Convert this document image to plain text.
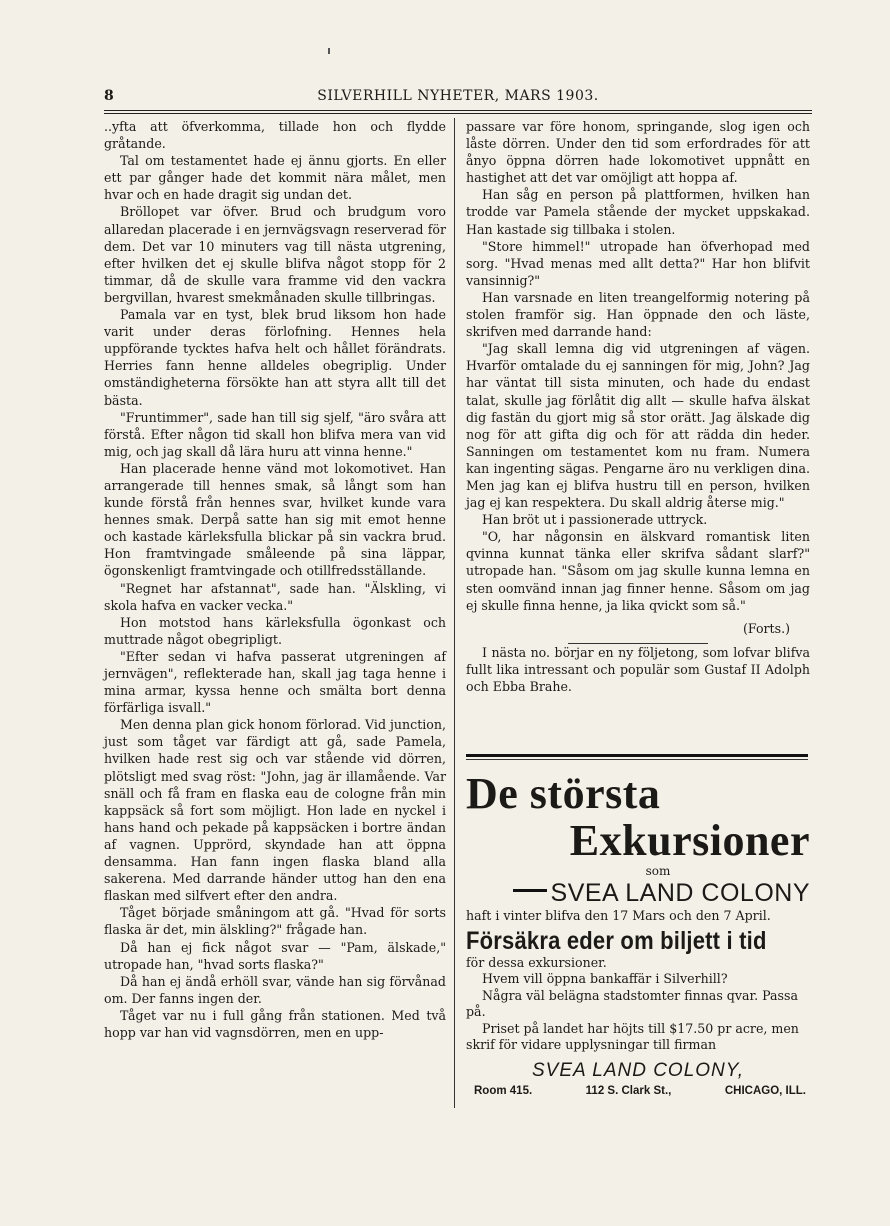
8	SILVERHILL NYHETER, MARS 1903.

..yfta att öfverkomma, tillade hon och flydde gråtande.

Tal om testamentet hade ej ännu gjorts. En eller ett par gånger hade det kommit nära målet, men hvar och en hade dragit sig undan det.

Bröllopet var öfver. Brud och brudgum voro allaredan placerade i en jernvägsvagn reserverad för dem. Det var 10 minuters vag till nästa utgrening, efter hvilken det ej skulle blifva något stopp för 2 timmar, då de skulle vara framme vid den vackra bergvillan, hvarest smekmånaden skulle tillbringas.

Pamala var en tyst, blek brud liksom hon hade varit under deras förlofning. Hennes hela uppförande tycktes hafva helt och hållet förändrats. Herries fann henne alldeles obegriplig. Under omständigheterna försökte han att styra allt till det bästa.

"Fruntimmer", sade han till sig sjelf, "äro svåra att förstå. Efter någon tid skall hon blifva mera van vid mig, och jag skall då lära huru att vinna henne."

Han placerade henne vänd mot lokomotivet. Han arrangerade till hennes smak, så långt som han kunde förstå från hennes svar, hvilket kunde vara hennes smak. Derpå satte han sig mit emot henne och kastade kärleksfulla blickar på sin vackra brud. Hon framtvingade småleende på sina läppar, ögonskenligt framtvingade och otillfredsställande.

"Regnet har afstannat", sade han. "Älskling, vi skola hafva en vacker vecka."

Hon motstod hans kärleksfulla ögonkast och muttrade något obegripligt.

"Efter sedan vi hafva passerat utgreningen af jernvägen", reflekterade han, skall jag taga henne i mina armar, kyssa henne och smälta bort denna förfärliga isvall."

Men denna plan gick honom förlorad. Vid junction, just som tåget var färdigt att gå, sade Pamela, hvilken hade rest sig och var stående vid dörren, plötsligt med svag röst: "John, jag är illamående. Var snäll och få fram en flaska eau de cologne från min kappsäck så fort som möjligt. Hon lade en nyckel i hans hand och pekade på kappsäcken i bortre ändan af vagnen. Upprörd, skyndade han att öppna densamma. Han fann ingen flaska bland alla sakerena. Med darrande händer uttog han den ena flaskan med silfvert efter den andra.

Tåget började småningom att gå. "Hvad för sorts flaska är det, min älskling?" frågade han.

Då han ej fick något svar — "Pam, älskade," utropade han, "hvad sorts flaska?"

Då han ej ändå erhöll svar, vände han sig förvånad om. Der fanns ingen der.

Tåget var nu i full gång från stationen. Med två hopp var han vid vagnsdörren, men en upp-

passare var före honom, springande, slog igen och låste dörren. Under den tid som erfordrades för att ånyo öppna dörren hade lokomotivet uppnått en hastighet att det var omöjligt att hoppa af.

Han såg en person på plattformen, hvilken han trodde var Pamela stående der mycket uppskakad. Han kastade sig tillbaka i stolen.

"Store himmel!" utropade han öfverhopad med sorg. "Hvad menas med allt detta?" Har hon blifvit vansinnig?"

Han varsnade en liten treangelformig notering på stolen framför sig. Han öppnade den och läste, skrifven med darrande hand:

"Jag skall lemna dig vid utgreningen af vägen. Hvarför omtalade du ej sanningen för mig, John? Jag har väntat till sista minuten, och hade du endast talat, skulle jag förlåtit dig allt — skulle hafva älskat dig fastän du gjort mig så stor orätt. Jag älskade dig nog för att gifta dig och för att rädda din heder. Sanningen om testamentet kom nu fram. Numera kan ingenting sägas. Pengarne äro nu verkligen dina. Men jag kan ej blifva hustru till en person, hvilken jag ej kan respektera. Du skall aldrig återse mig."

Han bröt ut i passionerade uttryck.

"O, har någonsin en älskvard romantisk liten qvinna kunnat tänka eller skrifva sådant slarf?" utropade han. "Såsom om jag skulle kunna lemna en sten oomvänd innan jag finner henne. Såsom om jag ej skulle finna henne, ja lika qvickt som så."

(Forts.)

I nästa no. börjar en ny följetong, som lofvar blifva fullt lika intressant och populär som Gustaf II Adolph och Ebba Brahe.

De största
Exkursioner
som
SVEA LAND COLONY

haft i vinter blifva den 17 Mars och den 7 April.

Försäkra eder om biljett i tid

för dessa exkursioner.

Hvem vill öppna bankaffär i Silverhill?

Några väl belägna stadstomter finnas qvar. Passa på.

Priset på landet har höjts till $17.50 pr acre, men skrif för vidare upplysningar till firman

SVEA LAND COLONY,
Room 415.	112 S. Clark St.,	CHICAGO, ILL.
